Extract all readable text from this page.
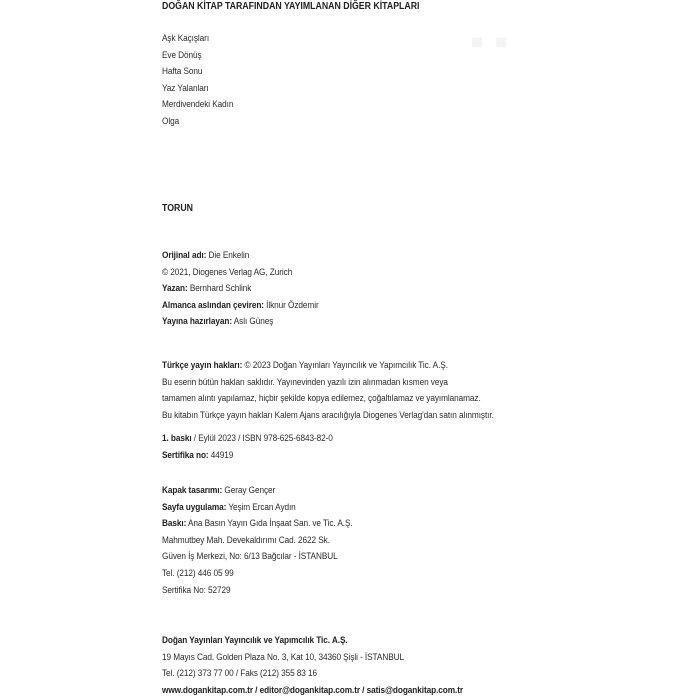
▪ ▪
DOĞAN KİTAP TARAFINDAN YAYIMLANAN DİĞER KİTAPLARI
Aşk Kaçışları
Eve Dönüş
Hafta Sonu
Yaz Yalanları
Merdivendeki Kadın
Olga
TORUN
Orijinal adı: Die Enkelin
© 2021, Diogenes Verlag AG, Zurich
Yazan: Bernhard Schlink
Almanca aslından çeviren: İlknur Özdemir
Yayına hazırlayan: Aslı Güneş
Türkçe yayın hakları: © 2023 Doğan Yayınları Yayıncılık ve Yapımcılık Tic. A.Ş.
Bu eserin bütün hakları saklıdır. Yayınevinden yazılı izin alınmadan kısmen veya
tamamen alıntı yapılamaz, hiçbir şekilde kopya edilemez, çoğaltılamaz ve yayımlanamaz.
Bu kitabın Türkçe yayın hakları Kalem Ajans aracılığıyla Diogenes Verlag'dan satın alınmıştır.
1. baskı / Eylül 2023 / ISBN 978-625-6843-82-0
Sertifika no: 44919
Kapak tasarımı: Geray Gençer
Sayfa uygulama: Yeşim Ercan Aydın
Baskı: Ana Basın Yayın Gıda İnşaat San. ve Tic. A.Ş.
Mahmutbey Mah. Devekaldırımı Cad. 2622 Sk.
Güven İş Merkezi, No: 6/13 Bağcılar - İSTANBUL
Tel. (212) 446 05 99
Sertifika No: 52729
Doğan Yayınları Yayıncılık ve Yapımcılık Tic. A.Ş.
19 Mayıs Cad. Golden Plaza No. 3, Kat 10, 34360 Şişli - İSTANBUL
Tel. (212) 373 77 00 / Faks (212) 355 83 16
www.dogankitap.com.tr / editor@dogankitap.com.tr / satis@dogankitap.com.tr
